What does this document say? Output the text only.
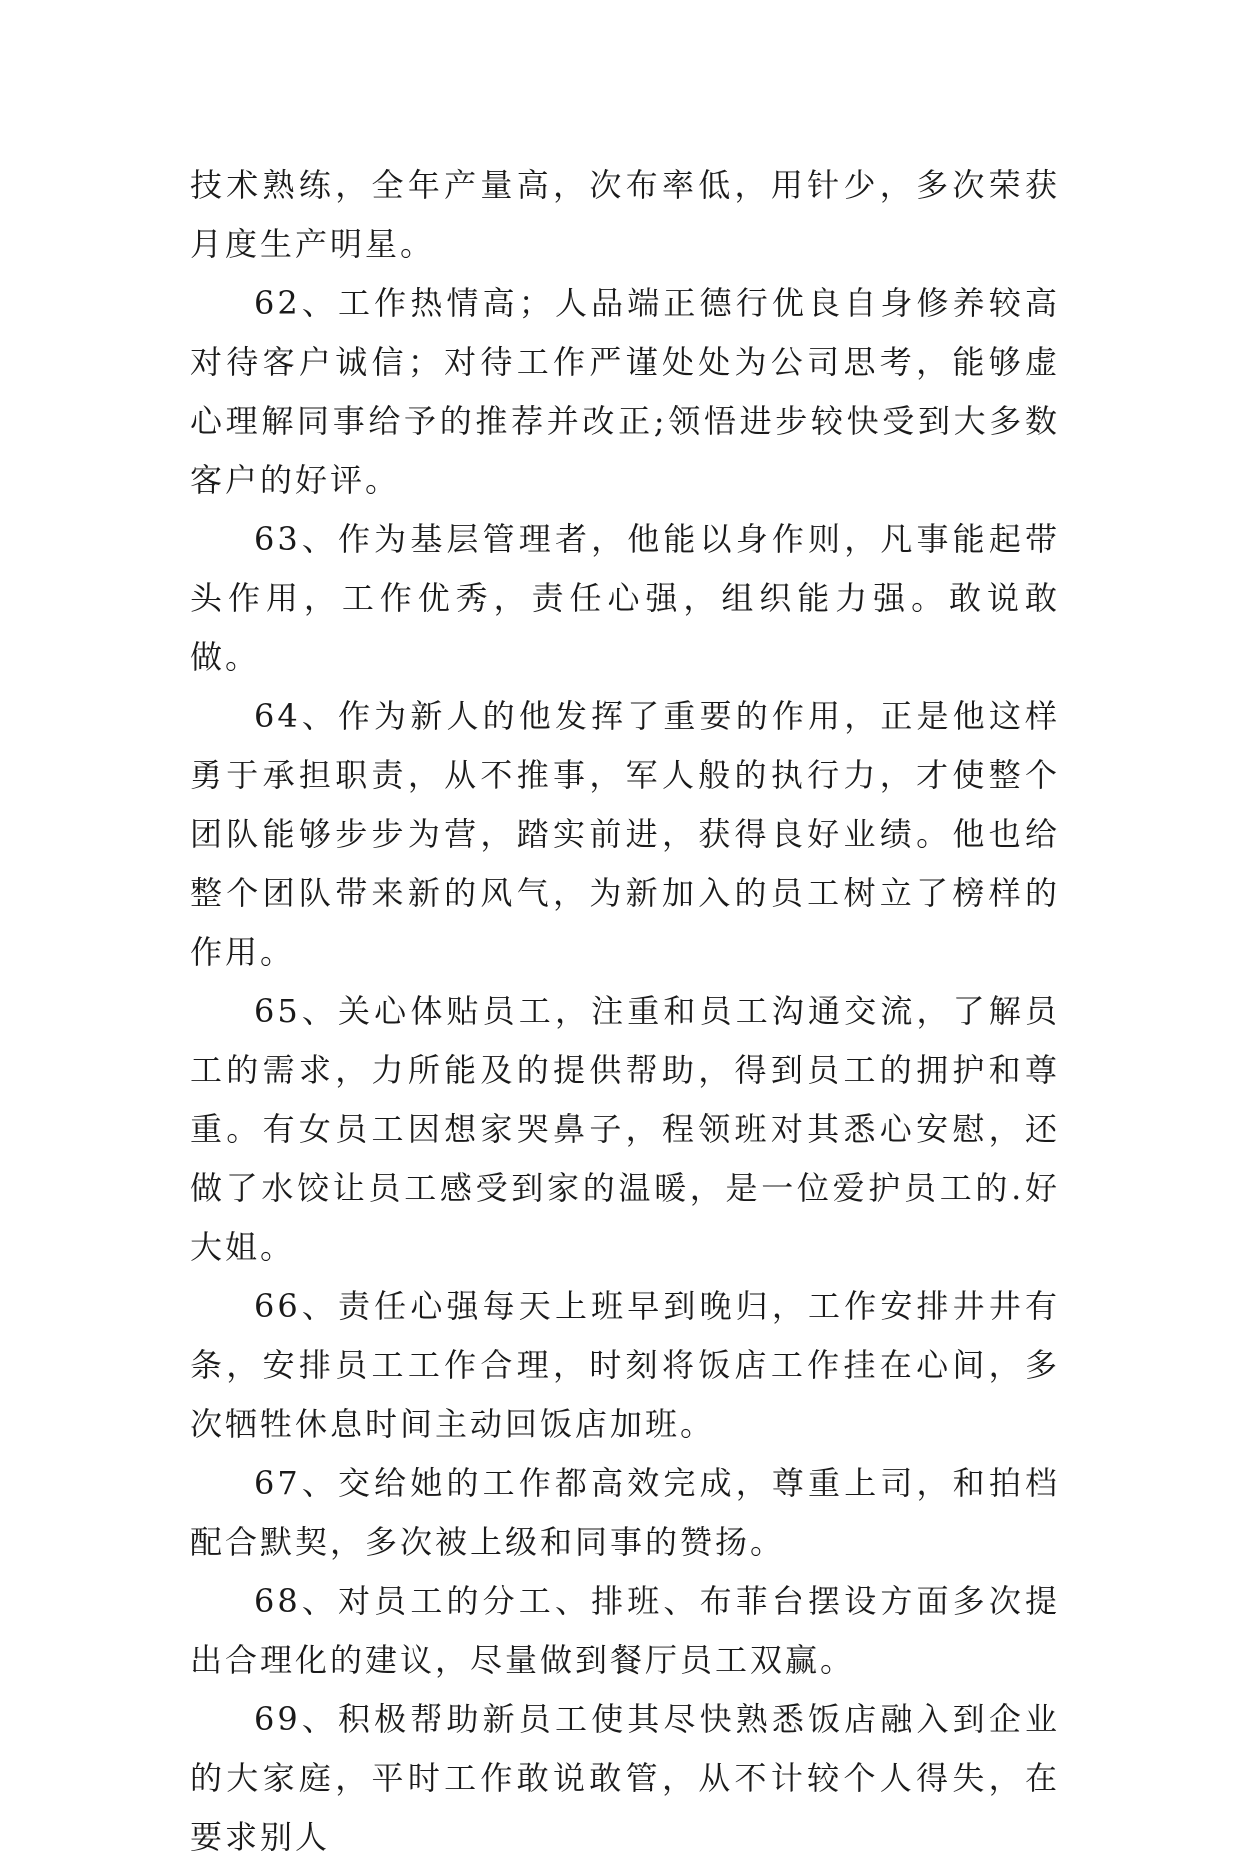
技术熟练，全年产量高，次布率低，用针少，多次荣获月度生产明星。

62、工作热情高；人品端正德行优良自身修养较高对待客户诚信；对待工作严谨处处为公司思考，能够虚心理解同事给予的推荐并改正;领悟进步较快受到大多数客户的好评。

63、作为基层管理者，他能以身作则，凡事能起带头作用，工作优秀，责任心强，组织能力强。敢说敢做。

64、作为新人的他发挥了重要的作用，正是他这样勇于承担职责，从不推事，军人般的执行力，才使整个团队能够步步为营，踏实前进，获得良好业绩。他也给整个团队带来新的风气，为新加入的员工树立了榜样的作用。

65、关心体贴员工，注重和员工沟通交流，了解员工的需求，力所能及的提供帮助，得到员工的拥护和尊重。有女员工因想家哭鼻子，程领班对其悉心安慰，还做了水饺让员工感受到家的温暖，是一位爱护员工的.好大姐。

66、责任心强每天上班早到晚归，工作安排井井有条，安排员工工作合理，时刻将饭店工作挂在心间，多次牺牲休息时间主动回饭店加班。

67、交给她的工作都高效完成，尊重上司，和拍档配合默契，多次被上级和同事的赞扬。

68、对员工的分工、排班、布菲台摆设方面多次提出合理化的建议，尽量做到餐厅员工双赢。

69、积极帮助新员工使其尽快熟悉饭店融入到企业的大家庭，平时工作敢说敢管，从不计较个人得失，在要求别人
